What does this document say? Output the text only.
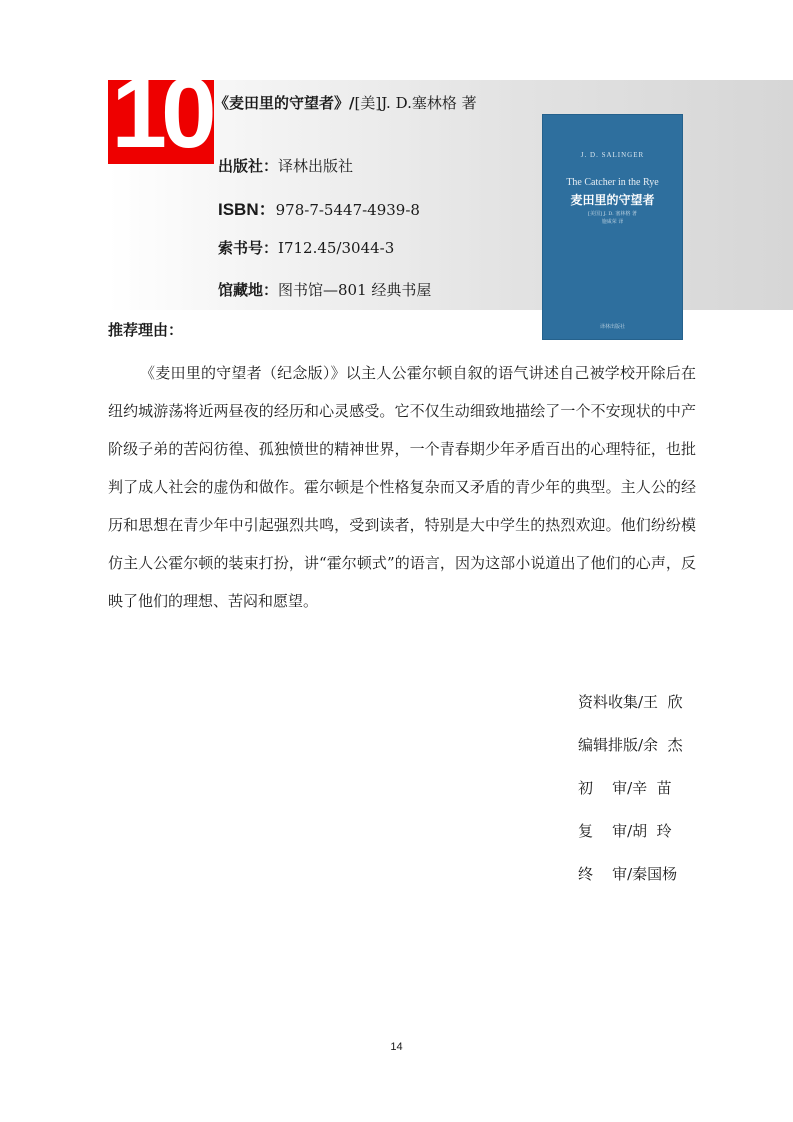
10 《麦田里的守望者》/[美]J. D.塞林格 著
出版社：译林出版社
ISBN：978-7-5447-4939-8
索书号：I712.45/3044-3
馆藏地：图书馆—801 经典书屋
J. D. SALINGER
The Catcher in the Rye
麦田里的守望者
[美国] J. D. 塞林格 著
施咸荣 译
译林出版社
推荐理由：

《麦田里的守望者（纪念版）》以主人公霍尔顿自叙的语气讲述自己被学校开除后在纽约城游荡将近两昼夜的经历和心灵感受。它不仅生动细致地描绘了一个不安现状的中产阶级子弟的苦闷彷徨、孤独愤世的精神世界，一个青春期少年矛盾百出的心理特征，也批判了成人社会的虚伪和做作。霍尔顿是个性格复杂而又矛盾的青少年的典型。主人公的经历和思想在青少年中引起强烈共鸣，受到读者，特别是大中学生的热烈欢迎。他们纷纷模仿主人公霍尔顿的装束打扮，讲“霍尔顿式”的语言，因为这部小说道出了他们的心声，反映了他们的理想、苦闷和愿望。

资料收集/王  欣
编辑排版/余  杰
初    审/辛  苗
复    审/胡  玲
终    审/秦国杨
14
